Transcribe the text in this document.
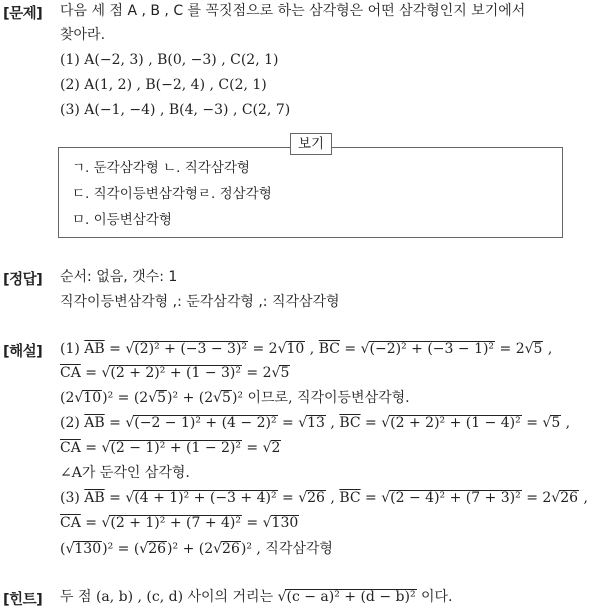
[문제] 다음 세 점 A , B , C 를 꼭짓점으로 하는 삼각형은 어떤 삼각형인지 보기에서
찾아라.
(1) A(−2, 3) , B(0, −3) , C(2, 1)
(2) A(1, 2) , B(−2, 4) , C(2, 1)
(3) A(−1, −4) , B(4, −3) , C(2, 7)
보기
ㄱ. 둔각삼각형 ㄴ. 직각삼각형
ㄷ. 직각이등변삼각형ㄹ. 정삼각형
ㅁ. 이등변삼각형
[정답] 순서: 없음, 갯수: 1
직각이등변삼각형 ,: 둔각삼각형 ,: 직각삼각형
[해설] (1) $\overline{AB} = √(2)^2 + (-3 - 3)^2 = 2√10$ , $\overline{BC} = √(-2)^2 + (-3 - 1)^2 = 2√5$ ,
$\overline{CA} = √(2 + 2)^2 + (1 - 3)^2 = 2√5$
(2√10)² = (2√5)² + (2√5)² 이므로, 직각이등변삼각형.
(2) $\overline{AB} = √(-2 - 1)^2 + (4 - 2)^2 = √13$ , $\overline{BC} = √(2 + 2)^2 + (1 - 4)^2 = √5$ ,
$\overline{CA} = √(2 - 1)^2 + (1 - 2)^2 = √2$
∠A가 둔각인 삼각형.
(3) $\overline{AB} = √(4 + 1)^2 + (-3 + 4)^2 = √26$ , $\overline{BC} = √(2 - 4)^2 + (7 + 3)^2 = 2√26$ ,
$\overline{CA} = √(2 + 1)^2 + (7 + 4)^2 = √130$
(√130)² = (√26)² + (2√26)² , 직각삼각형
[힌트] 두 점 (a, b) , (c, d) 사이의 거리는 √(c − a)² + (d − b)² 이다.
